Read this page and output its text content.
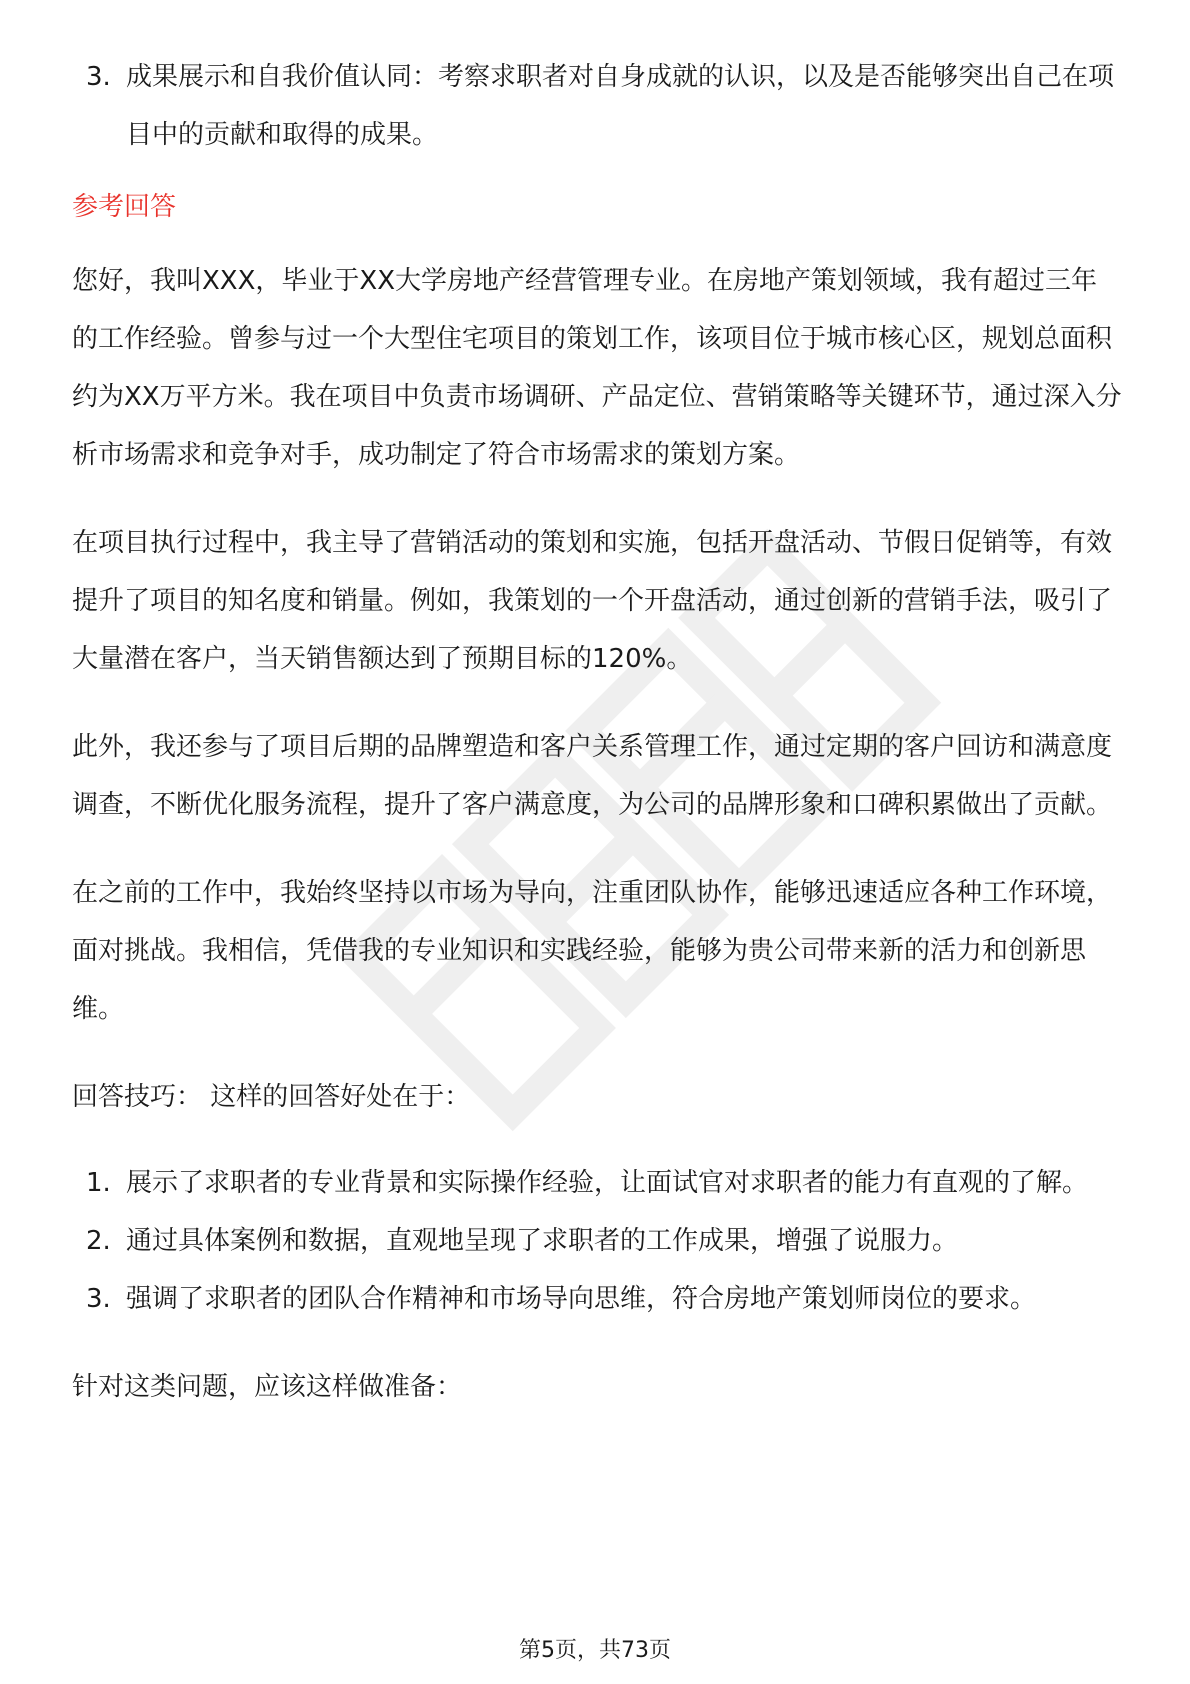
3. 成果展示和自我价值认同：考察求职者对自身成就的认识，以及是否能够突出自己在项目中的贡献和取得的成果。
参考回答

您好，我叫XXX，毕业于XX大学房地产经营管理专业。在房地产策划领域，我有超过三年的工作经验。曾参与过一个大型住宅项目的策划工作，该项目位于城市核心区，规划总面积约为XX万平方米。我在项目中负责市场调研、产品定位、营销策略等关键环节，通过深入分析市场需求和竞争对手，成功制定了符合市场需求的策划方案。

在项目执行过程中，我主导了营销活动的策划和实施，包括开盘活动、节假日促销等，有效提升了项目的知名度和销量。例如，我策划的一个开盘活动，通过创新的营销手法，吸引了大量潜在客户，当天销售额达到了预期目标的120%。

此外，我还参与了项目后期的品牌塑造和客户关系管理工作，通过定期的客户回访和满意度调查，不断优化服务流程，提升了客户满意度，为公司的品牌形象和口碑积累做出了贡献。

在之前的工作中，我始终坚持以市场为导向，注重团队协作，能够迅速适应各种工作环境，面对挑战。我相信，凭借我的专业知识和实践经验，能够为贵公司带来新的活力和创新思维。

回答技巧： 这样的回答好处在于：
1. 展示了求职者的专业背景和实际操作经验，让面试官对求职者的能力有直观的了解。
2. 通过具体案例和数据，直观地呈现了求职者的工作成果，增强了说服力。
3. 强调了求职者的团队合作精神和市场导向思维，符合房地产策划师岗位的要求。
针对这类问题，应该这样做准备：
第5页，共73页
